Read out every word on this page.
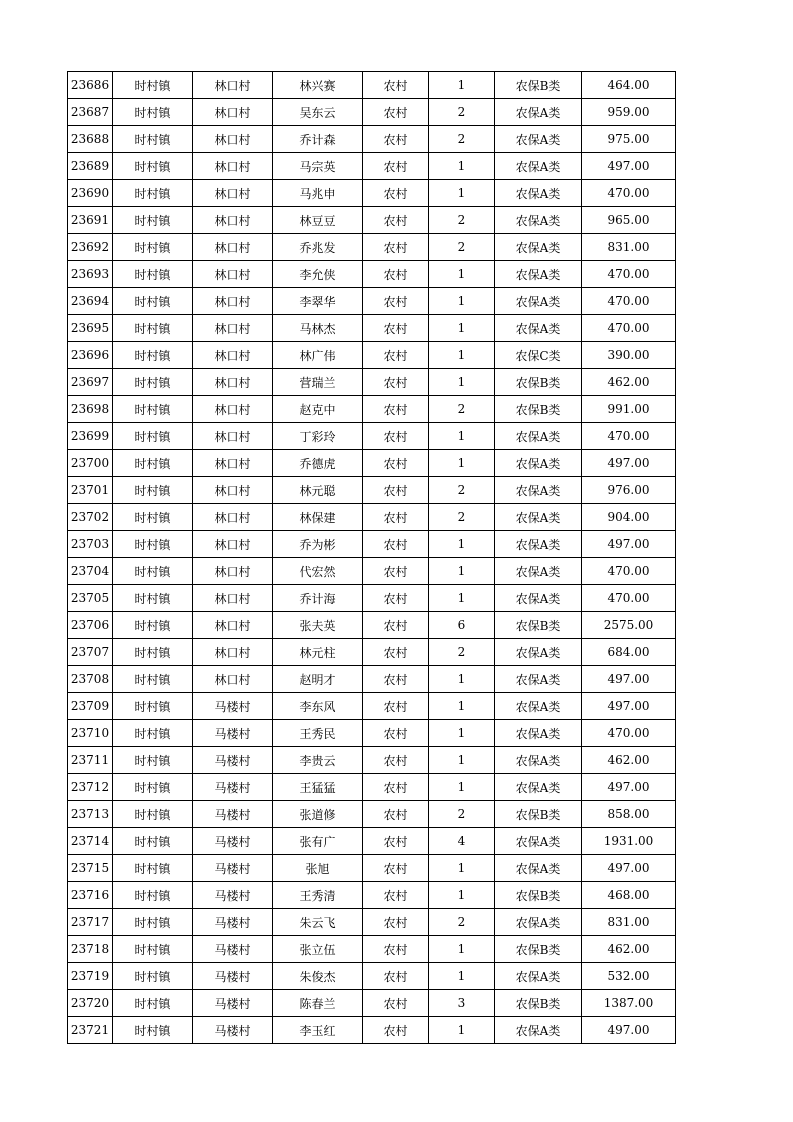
23686	时村镇	林口村	林兴赛	农村	1	农保B类	464.00
23687	时村镇	林口村	吴东云	农村	2	农保A类	959.00
23688	时村镇	林口村	乔计森	农村	2	农保A类	975.00
23689	时村镇	林口村	马宗英	农村	1	农保A类	497.00
23690	时村镇	林口村	马兆申	农村	1	农保A类	470.00
23691	时村镇	林口村	林豆豆	农村	2	农保A类	965.00
23692	时村镇	林口村	乔兆发	农村	2	农保A类	831.00
23693	时村镇	林口村	李允侠	农村	1	农保A类	470.00
23694	时村镇	林口村	李翠华	农村	1	农保A类	470.00
23695	时村镇	林口村	马林杰	农村	1	农保A类	470.00
23696	时村镇	林口村	林广伟	农村	1	农保C类	390.00
23697	时村镇	林口村	营瑞兰	农村	1	农保B类	462.00
23698	时村镇	林口村	赵克中	农村	2	农保B类	991.00
23699	时村镇	林口村	丁彩玲	农村	1	农保A类	470.00
23700	时村镇	林口村	乔德虎	农村	1	农保A类	497.00
23701	时村镇	林口村	林元聪	农村	2	农保A类	976.00
23702	时村镇	林口村	林保建	农村	2	农保A类	904.00
23703	时村镇	林口村	乔为彬	农村	1	农保A类	497.00
23704	时村镇	林口村	代宏然	农村	1	农保A类	470.00
23705	时村镇	林口村	乔计海	农村	1	农保A类	470.00
23706	时村镇	林口村	张夫英	农村	6	农保B类	2575.00
23707	时村镇	林口村	林元柱	农村	2	农保A类	684.00
23708	时村镇	林口村	赵明才	农村	1	农保A类	497.00
23709	时村镇	马楼村	李东风	农村	1	农保A类	497.00
23710	时村镇	马楼村	王秀民	农村	1	农保A类	470.00
23711	时村镇	马楼村	李贵云	农村	1	农保A类	462.00
23712	时村镇	马楼村	王猛猛	农村	1	农保A类	497.00
23713	时村镇	马楼村	张道修	农村	2	农保B类	858.00
23714	时村镇	马楼村	张有广	农村	4	农保A类	1931.00
23715	时村镇	马楼村	张旭	农村	1	农保A类	497.00
23716	时村镇	马楼村	王秀清	农村	1	农保B类	468.00
23717	时村镇	马楼村	朱云飞	农村	2	农保A类	831.00
23718	时村镇	马楼村	张立伍	农村	1	农保B类	462.00
23719	时村镇	马楼村	朱俊杰	农村	1	农保A类	532.00
23720	时村镇	马楼村	陈春兰	农村	3	农保B类	1387.00
23721	时村镇	马楼村	李玉红	农村	1	农保A类	497.00
